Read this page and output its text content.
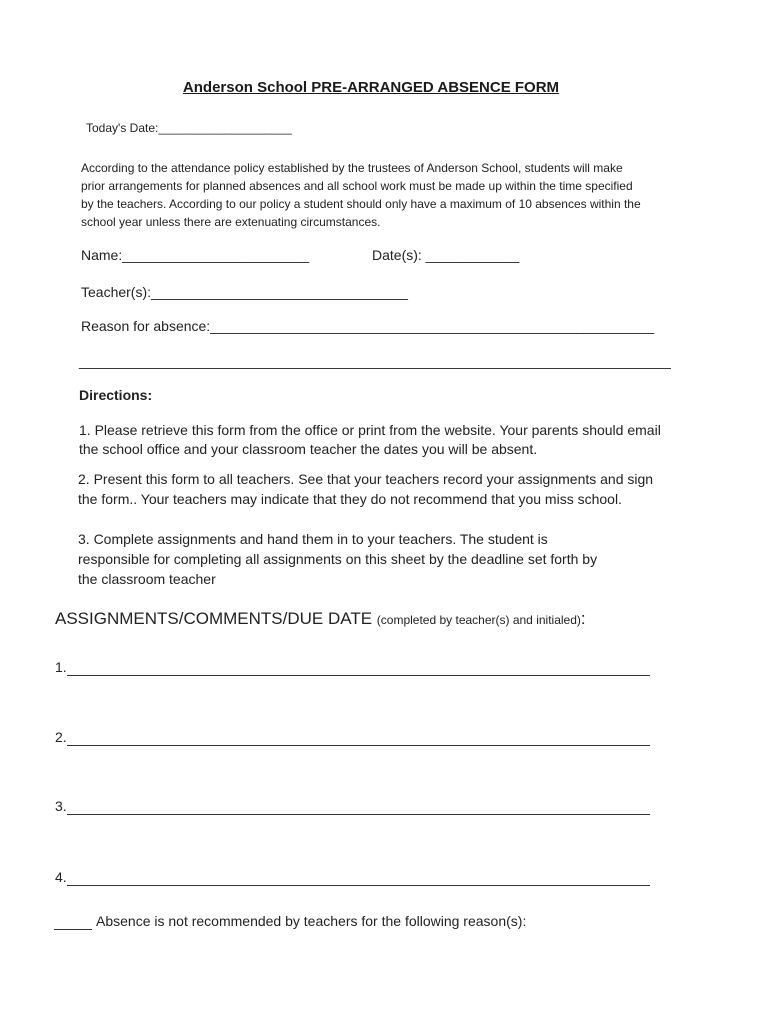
Anderson School PRE-ARRANGED ABSENCE FORM
Today's Date:____________________
According to the attendance policy established by the trustees of Anderson School, students will make
prior arrangements for planned absences and all school work must be made up within the time specified
by the teachers. According to our policy a student should only have a maximum of 10 absences within the
school year unless there are extenuating circumstances.
Name:________________________	Date(s): ____________
Teacher(s):_________________________________
Reason for absence:_________________________________________________________
____________________________________________________________________________
Directions:
1. Please retrieve this form from the office or print from the website. Your parents should email
the school office and your classroom teacher the dates you will be absent.
2. Present this form to all teachers. See that your teachers record your assignments and sign
the form.. Your teachers may indicate that they do not recommend that you miss school.
3. Complete assignments and hand them in to your teachers. The student is
responsible for completing all assignments on this sheet by the deadline set forth by
the classroom teacher
ASSIGNMENTS/COMMENTS/DUE DATE (completed by teacher(s) and initialed):
1.
2.
3.
4.
Absence is not recommended by teachers for the following reason(s):
